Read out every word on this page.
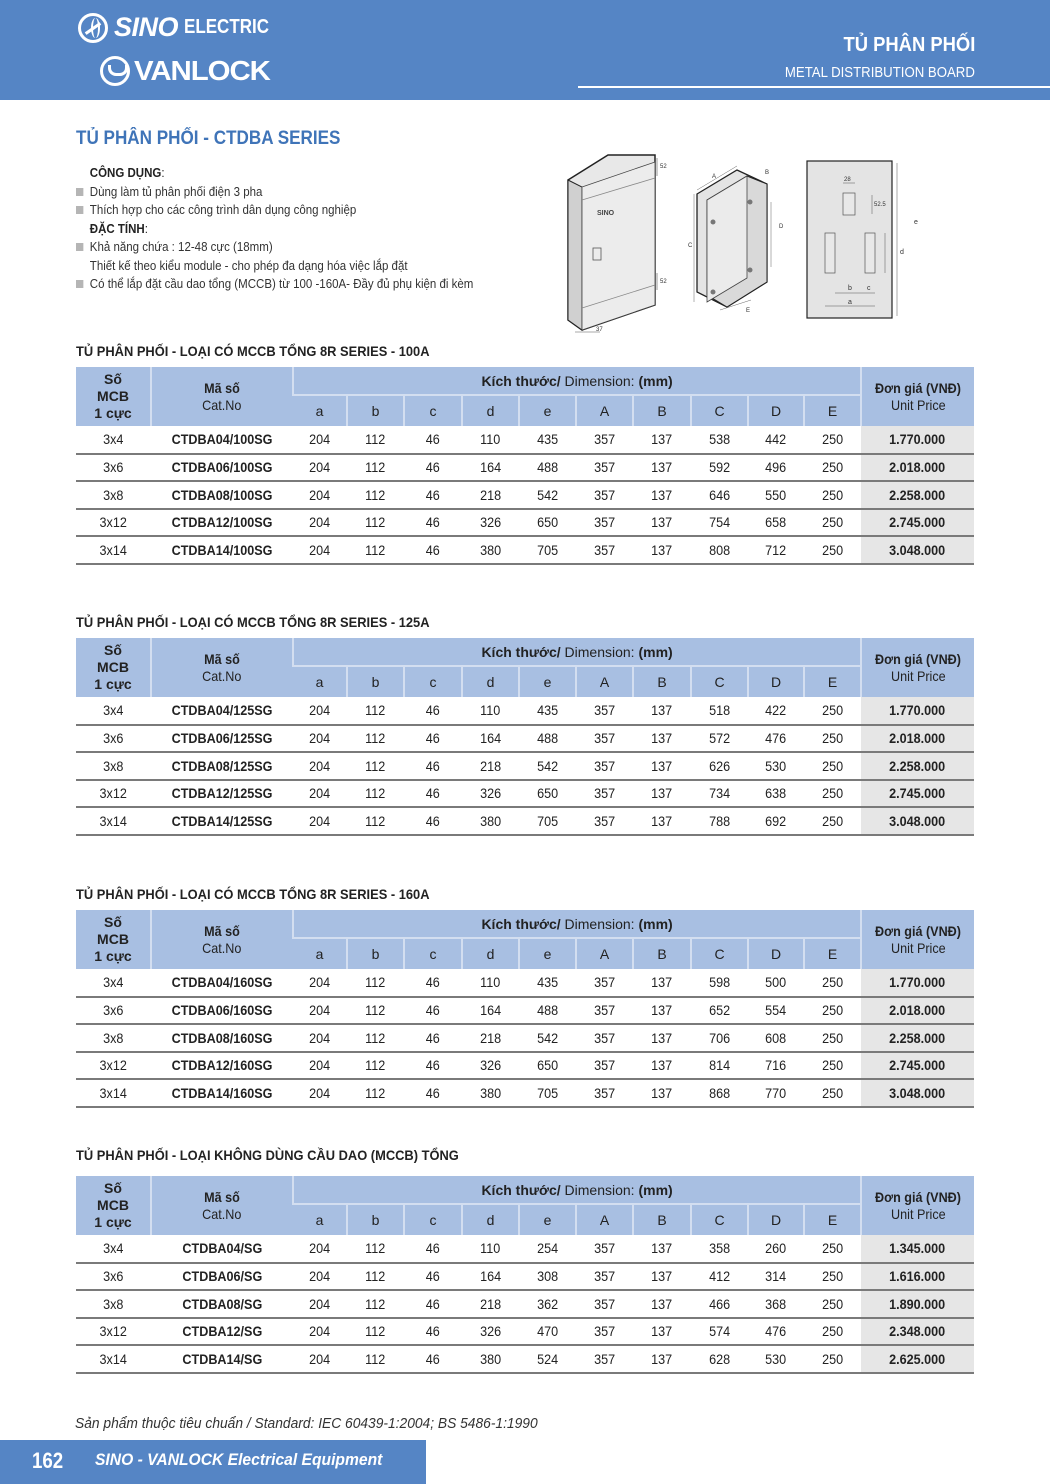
SINO ELECTRIC
VANLOCK
TỦ PHÂN PHỐI
METAL DISTRIBUTION BOARD
TỦ PHÂN PHỐI - CTDBA SERIES
CÔNG DỤNG:
Dùng làm tủ phân phối điện 3 pha
Thích hợp cho các công trình dân dụng công nghiệp
ĐẶC TÍNH:
Khả năng chứa : 12-48 cực (18mm)
Thiết kế theo kiểu module - cho phép đa dạng hóa việc lắp đặt
Có thể lắp đặt cầu dao tổng (MCCB) từ 100 -160A- Đầy đủ phụ kiện đi kèm
SINO
52
52
37
A
B
C
D
E
28
52.5
e
d
b c
a
TỦ PHÂN PHỐI - LOẠI CÓ MCCB TỔNG 8R SERIES - 100A
Số
MCB
1 cực

Mã số
Cat.No	Kích thước/ Dimension: (mm)	Đơn giá (VNĐ)
Unit Price
		a	b	c	d	e	A	B	C	D	E	
3x4	CTDBA04/100SG	204	112	46	110	435	357	137	538	442	250	1.770.000
3x6	CTDBA06/100SG	204	112	46	164	488	357	137	592	496	250	2.018.000
3x8	CTDBA08/100SG	204	112	46	218	542	357	137	646	550	250	2.258.000
3x12	CTDBA12/100SG	204	112	46	326	650	357	137	754	658	250	2.745.000
3x14	CTDBA14/100SG	204	112	46	380	705	357	137	808	712	250	3.048.000
TỦ PHÂN PHỐI - LOẠI CÓ MCCB TỔNG 8R SERIES - 125A
Số
MCB
1 cực

Mã số
Cat.No	Kích thước/ Dimension: (mm)	Đơn giá (VNĐ)
Unit Price
		a	b	c	d	e	A	B	C	D	E	
3x4	CTDBA04/125SG	204	112	46	110	435	357	137	518	422	250	1.770.000
3x6	CTDBA06/125SG	204	112	46	164	488	357	137	572	476	250	2.018.000
3x8	CTDBA08/125SG	204	112	46	218	542	357	137	626	530	250	2.258.000
3x12	CTDBA12/125SG	204	112	46	326	650	357	137	734	638	250	2.745.000
3x14	CTDBA14/125SG	204	112	46	380	705	357	137	788	692	250	3.048.000
TỦ PHÂN PHỐI - LOẠI CÓ MCCB TỔNG 8R SERIES - 160A
Số
MCB
1 cực

Mã số
Cat.No	Kích thước/ Dimension: (mm)	Đơn giá (VNĐ)
Unit Price
		a	b	c	d	e	A	B	C	D	E	
3x4	CTDBA04/160SG	204	112	46	110	435	357	137	598	500	250	1.770.000
3x6	CTDBA06/160SG	204	112	46	164	488	357	137	652	554	250	2.018.000
3x8	CTDBA08/160SG	204	112	46	218	542	357	137	706	608	250	2.258.000
3x12	CTDBA12/160SG	204	112	46	326	650	357	137	814	716	250	2.745.000
3x14	CTDBA14/160SG	204	112	46	380	705	357	137	868	770	250	3.048.000
TỦ PHÂN PHỐI - LOẠI KHÔNG DÙNG CẦU DAO (MCCB) TỔNG
Số
MCB
1 cực

Mã số
Cat.No	Kích thước/ Dimension: (mm)	Đơn giá (VNĐ)
Unit Price
		a	b	c	d	e	A	B	C	D	E	
3x4	CTDBA04/SG	204	112	46	110	254	357	137	358	260	250	1.345.000
3x6	CTDBA06/SG	204	112	46	164	308	357	137	412	314	250	1.616.000
3x8	CTDBA08/SG	204	112	46	218	362	357	137	466	368	250	1.890.000
3x12	CTDBA12/SG	204	112	46	326	470	357	137	574	476	250	2.348.000
3x14	CTDBA14/SG	204	112	46	380	524	357	137	628	530	250	2.625.000
Sản phẩm thuộc tiêu chuẩn / Standard: IEC 60439-1:2004; BS 5486-1:1990
162 SINO - VANLOCK Electrical Equipment
